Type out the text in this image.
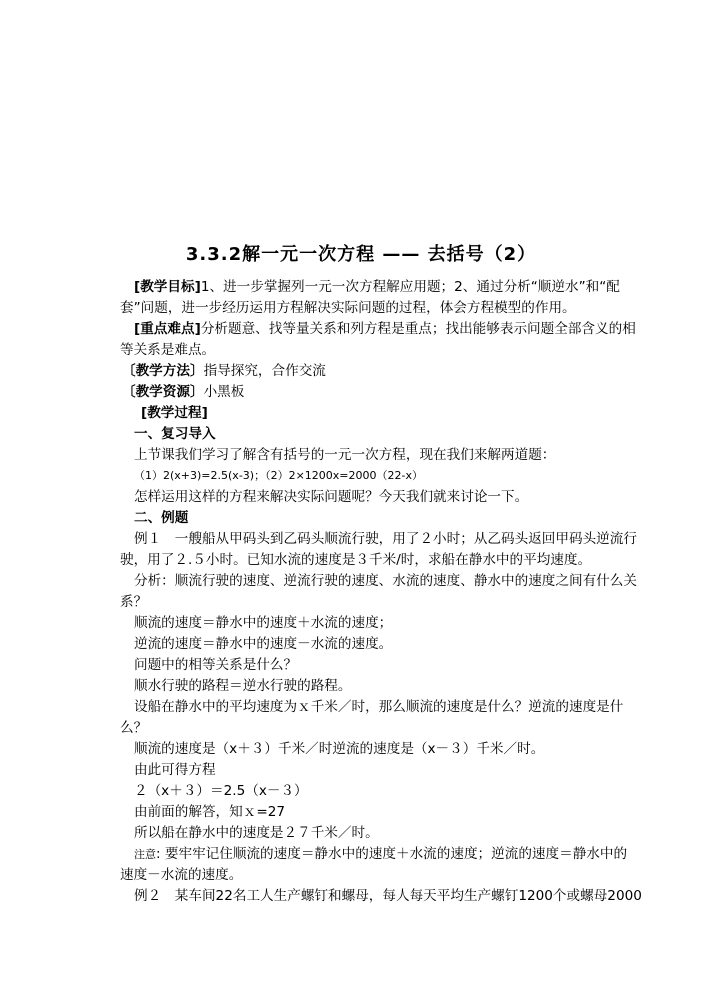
3.3.2解一元一次方程 —— 去括号（2）
[教学目标]1、进一步掌握列一元一次方程解应用题；2、通过分析“顺逆水”和“配
套”问题，进一步经历运用方程解决实际问题的过程，体会方程模型的作用。
[重点难点]分析题意、找等量关系和列方程是重点；找出能够表示问题全部含义的相
等关系是难点。
〔教学方法〕指导探究，合作交流
〔教学资源〕小黑板
[教学过程]
一、复习导入
上节课我们学习了解含有括号的一元一次方程，现在我们来解两道题：
（1）2(x+3)=2.5(x-3)；（2）2×1200x=2000（22-x）
怎样运用这样的方程来解决实际问题呢？今天我们就来讨论一下。
二、例题
例１　一艘船从甲码头到乙码头顺流行驶，用了２小时；从乙码头返回甲码头逆流行
驶，用了２.５小时。已知水流的速度是３千米/时，求船在静水中的平均速度。
分析：顺流行驶的速度、逆流行驶的速度、水流的速度、静水中的速度之间有什么关
系？
顺流的速度＝静水中的速度＋水流的速度；
逆流的速度＝静水中的速度－水流的速度。
问题中的相等关系是什么？
顺水行驶的路程＝逆水行驶的路程。
设船在静水中的平均速度为ｘ千米／时，那么顺流的速度是什么？逆流的速度是什
么？
顺流的速度是（x＋３）千米／时逆流的速度是（x－３）千米／时。
由此可得方程
２（x＋３）＝2.5（x－３）
由前面的解答，知ｘ=27
所以船在静水中的速度是２７千米／时。
注意: 要牢牢记住顺流的速度＝静水中的速度＋水流的速度；逆流的速度＝静水中的
速度－水流的速度。
例２　某车间22名工人生产螺钉和螺母，每人每天平均生产螺钉1200个或螺母2000
